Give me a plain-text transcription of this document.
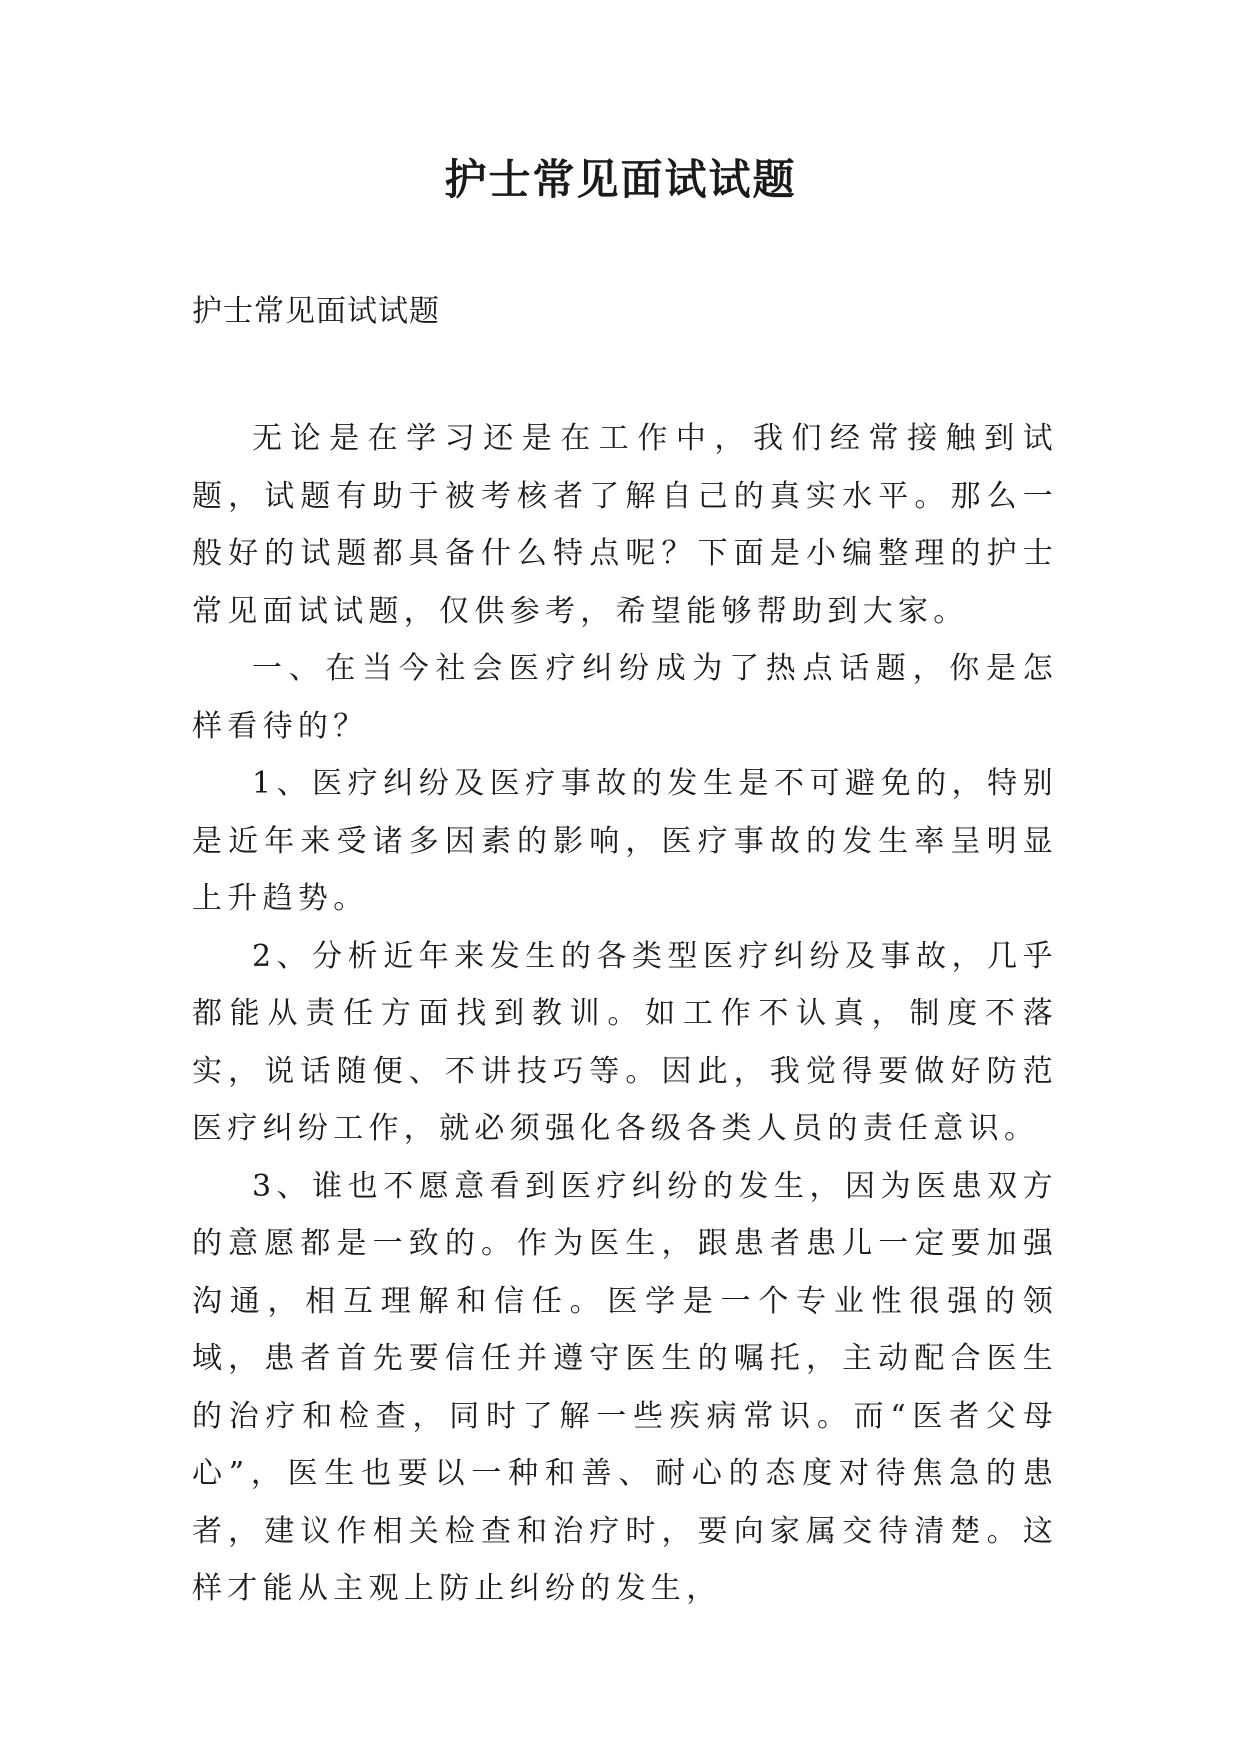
护士常见面试试题

护士常见面试试题

无论是在学习还是在工作中，我们经常接触到试题，试题有助于被考核者了解自己的真实水平。那么一般好的试题都具备什么特点呢？下面是小编整理的护士常见面试试题，仅供参考，希望能够帮助到大家。

一、在当今社会医疗纠纷成为了热点话题，你是怎样看待的？

1、医疗纠纷及医疗事故的发生是不可避免的，特别是近年来受诸多因素的影响，医疗事故的发生率呈明显上升趋势。

2、分析近年来发生的各类型医疗纠纷及事故，几乎都能从责任方面找到教训。如工作不认真，制度不落实，说话随便、不讲技巧等。因此，我觉得要做好防范医疗纠纷工作，就必须强化各级各类人员的责任意识。

3、谁也不愿意看到医疗纠纷的发生，因为医患双方的意愿都是一致的。作为医生，跟患者患儿一定要加强沟通，相互理解和信任。医学是一个专业性很强的领域，患者首先要信任并遵守医生的嘱托，主动配合医生的治疗和检查，同时了解一些疾病常识。而“医者父母心”，医生也要以一种和善、耐心的态度对待焦急的患者，建议作相关检查和治疗时，要向家属交待清楚。这样才能从主观上防止纠纷的发生，
